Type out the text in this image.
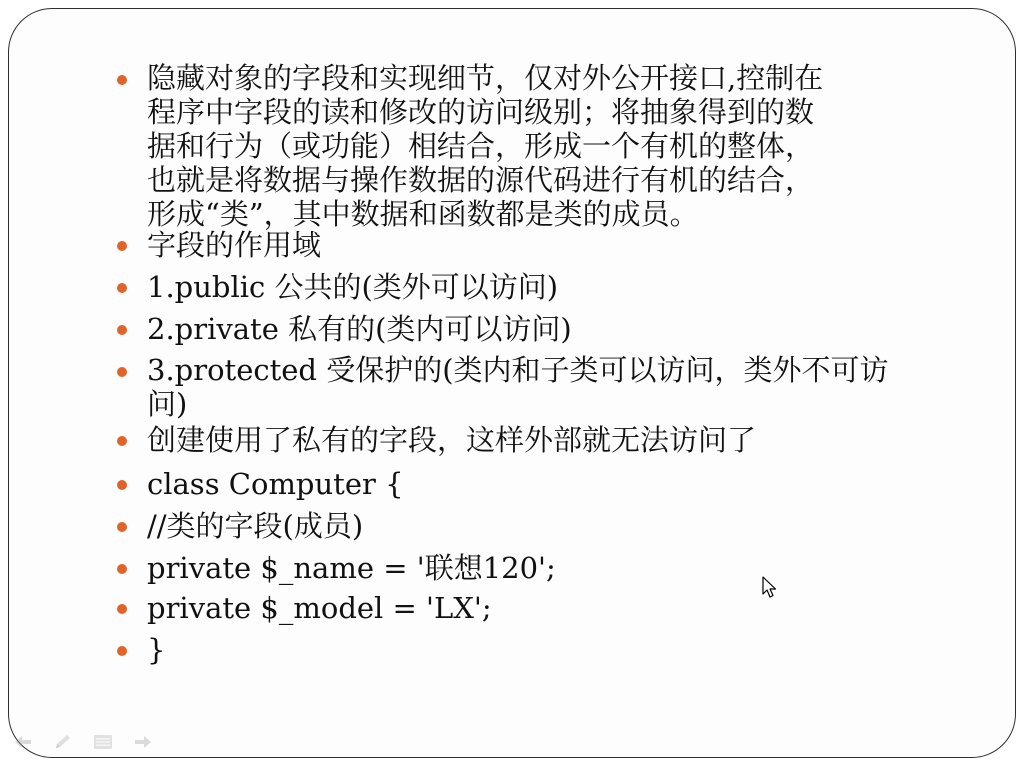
隐藏对象的字段和实现细节，仅对外公开接口,控制在
程序中字段的读和修改的访问级别；将抽象得到的数
据和行为（或功能）相结合，形成一个有机的整体，
也就是将数据与操作数据的源代码进行有机的结合，
形成“类”，其中数据和函数都是类的成员。
字段的作用域
1.public 公共的(类外可以访问)
2.private 私有的(类内可以访问)
3.protected 受保护的(类内和子类可以访问，类外不可访
问)
创建使用了私有的字段，这样外部就无法访问了
class Computer {
//类的字段(成员)
private $_name = '联想120';
private $_model = 'LX';
}
